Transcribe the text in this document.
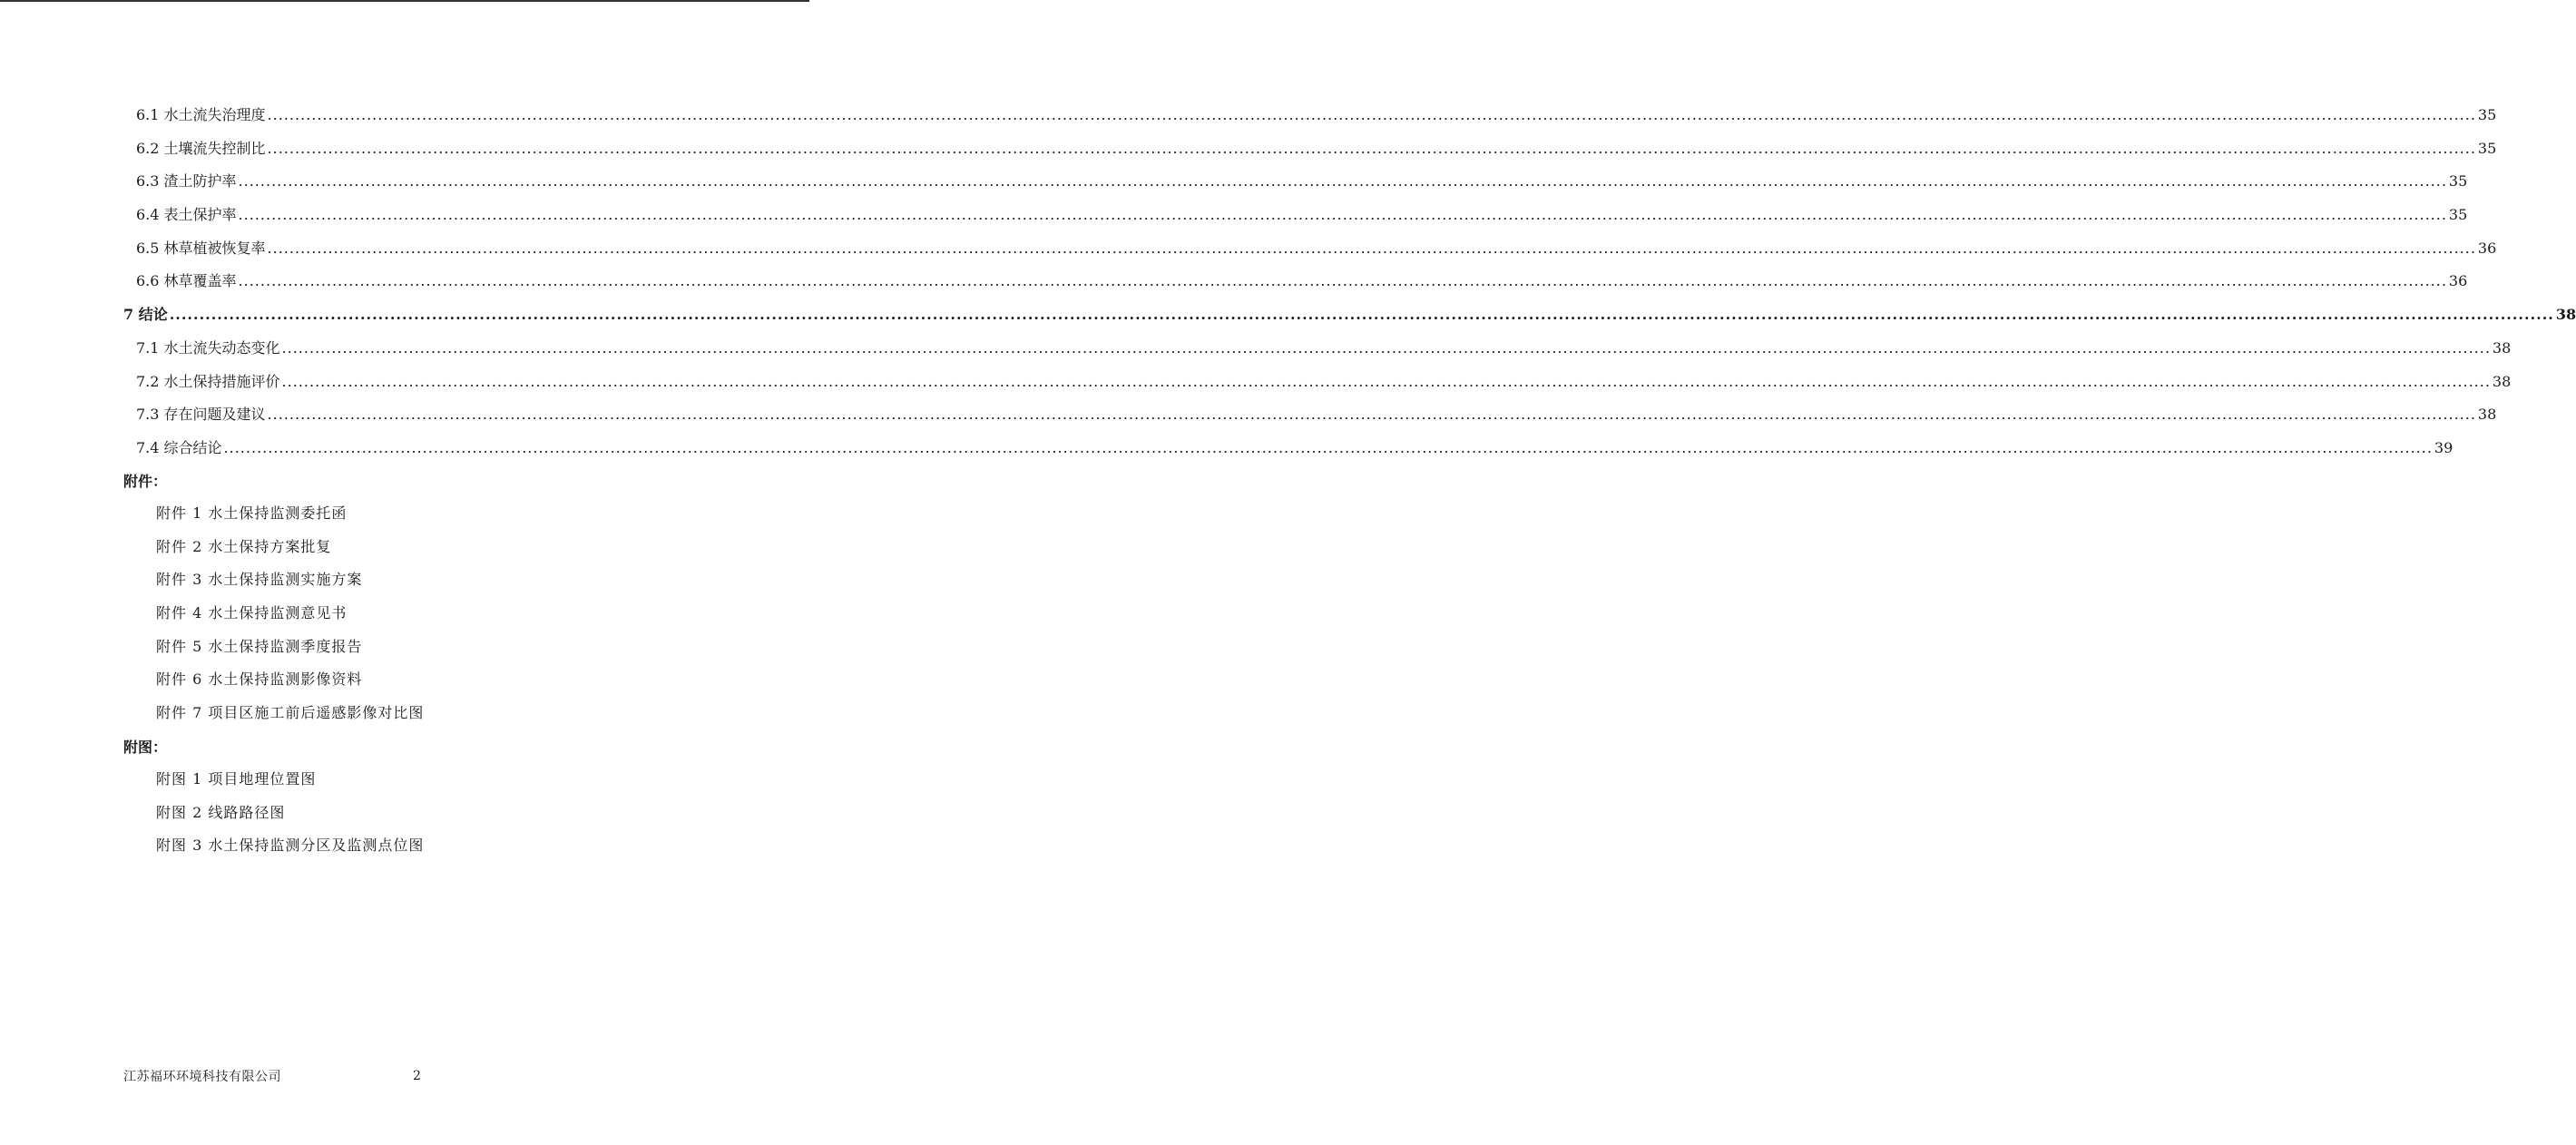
6.1 水土流失治理度 ................................................................................................................................................................................................................................................................................................................................................................................................................ 35
6.2 土壤流失控制比 ................................................................................................................................................................................................................................................................................................................................................................................................................ 35
6.3 渣土防护率 ................................................................................................................................................................................................................................................................................................................................................................................................................ 35
6.4 表土保护率 ................................................................................................................................................................................................................................................................................................................................................................................................................ 35
6.5 林草植被恢复率 ................................................................................................................................................................................................................................................................................................................................................................................................................ 36
6.6 林草覆盖率 ................................................................................................................................................................................................................................................................................................................................................................................................................ 36
7 结论 ................................................................................................................................................................................................................................................................................................................................................................................................................ 38
7.1 水土流失动态变化 ................................................................................................................................................................................................................................................................................................................................................................................................................ 38
7.2 水土保持措施评价 ................................................................................................................................................................................................................................................................................................................................................................................................................ 38
7.3 存在问题及建议 ................................................................................................................................................................................................................................................................................................................................................................................................................ 38
7.4 综合结论 ................................................................................................................................................................................................................................................................................................................................................................................................................ 39
附件：
附件 1 水土保持监测委托函
附件 2 水土保持方案批复
附件 3 水土保持监测实施方案
附件 4 水土保持监测意见书
附件 5 水土保持监测季度报告
附件 6 水土保持监测影像资料
附件 7 项目区施工前后遥感影像对比图
附图：
附图 1 项目地理位置图
附图 2 线路路径图
附图 3 水土保持监测分区及监测点位图
江苏福环环境科技有限公司	2
